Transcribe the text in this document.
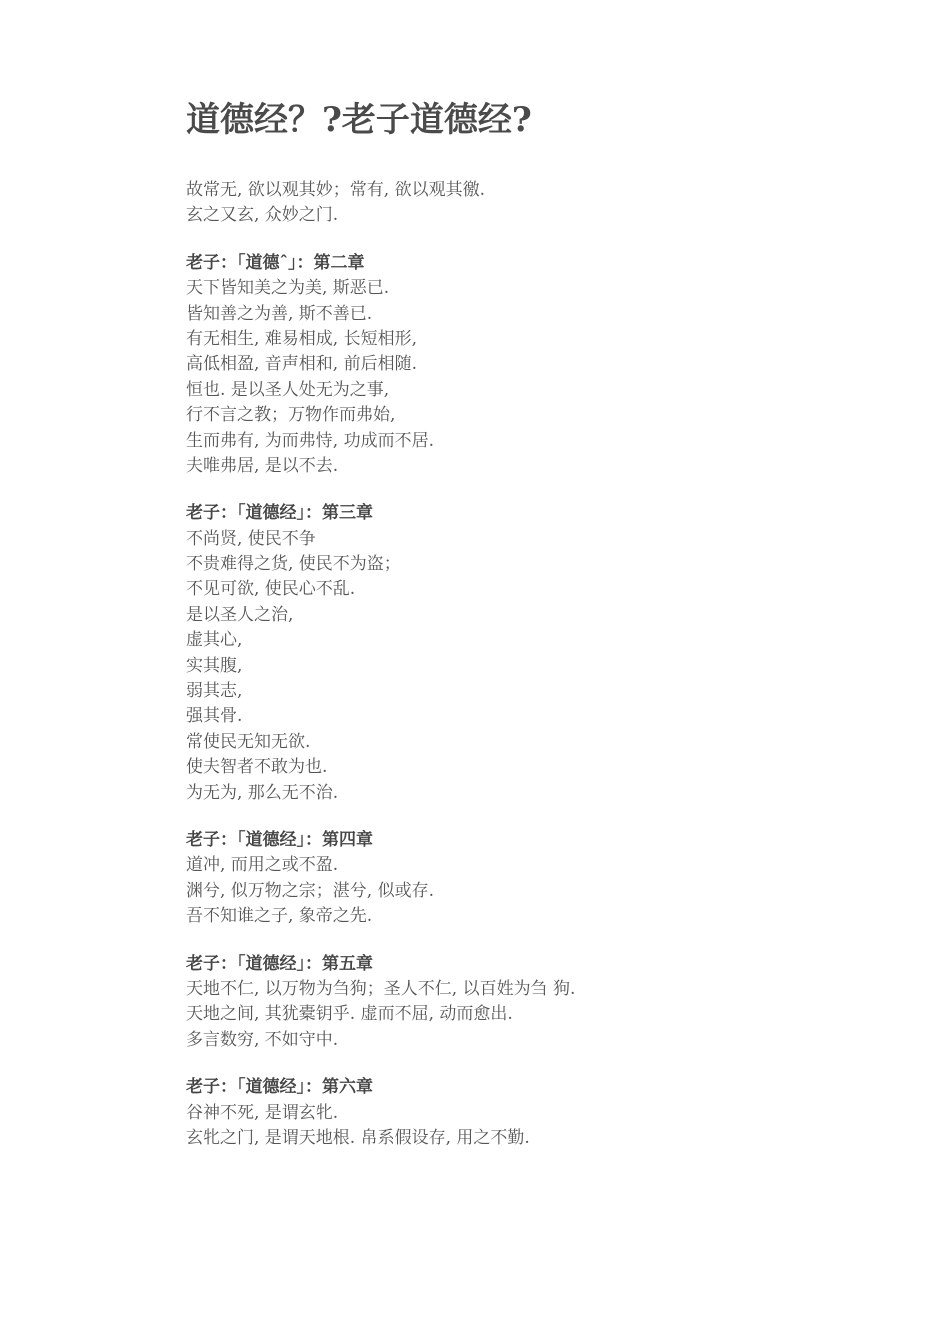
道德经？?老子道德经?
故常无, 欲以观其妙；常有, 欲以观其徼.
玄之又玄, 众妙之门.
老子：「道德ˆ」：第二章
天下皆知美之为美, 斯恶已.
皆知善之为善, 斯不善已.
有无相生, 难易相成, 长短相形,
高低相盈, 音声相和, 前后相随.
恒也. 是以圣人处无为之事,
行不言之教；万物作而弗始,
生而弗有, 为而弗恃, 功成而不居.
夫唯弗居, 是以不去.
老子：「道德经」：第三章
不尚贤, 使民不争
不贵难得之货, 使民不为盗；
不见可欲, 使民心不乱.
是以圣人之治,
虚其心,
实其腹,
弱其志,
强其骨.
常使民无知无欲.
使夫智者不敢为也.
为无为, 那么无不治.
老子：「道德经」：第四章
道冲, 而用之或不盈.
渊兮, 似万物之宗；湛兮, 似或存.
吾不知谁之子, 象帝之先.
老子：「道德经」：第五章
天地不仁, 以万物为刍狗；圣人不仁, 以百姓为刍 狗.
天地之间, 其犹橐钥乎. 虚而不屈, 动而愈出.
多言数穷, 不如守中.
老子：「道德经」：第六章
谷神不死, 是谓玄牝.
玄牝之门, 是谓天地根. 帛系假设存, 用之不勤.
